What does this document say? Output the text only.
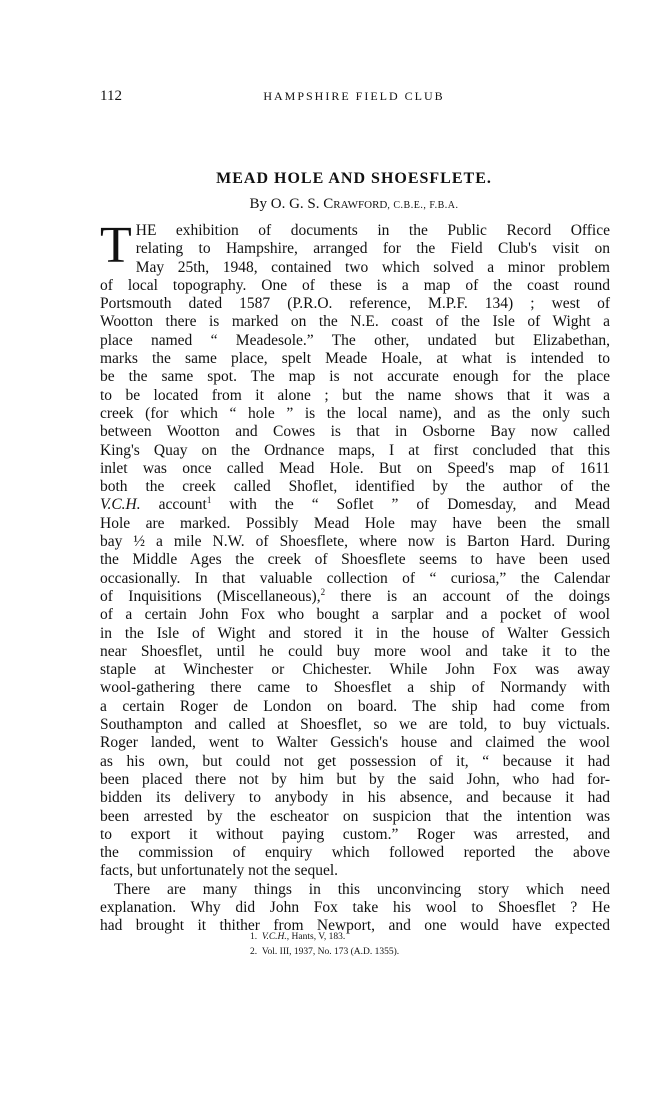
112	HAMPSHIRE FIELD CLUB
MEAD HOLE AND SHOESFLETE.
By O. G. S. Crawford, C.B.E., F.B.A.
T HE exhibition of documents in the Public Record Office
relating to Hampshire, arranged for the Field Club's visit on
May 25th, 1948, contained two which solved a minor problem
of local topography. One of these is a map of the coast round
Portsmouth dated 1587 (P.R.O. reference, M.P.F. 134) ; west of
Wootton there is marked on the N.E. coast of the Isle of Wight a
place named “ Meadesole.” The other, undated but Elizabethan,
marks the same place, spelt Meade Hoale, at what is intended to
be the same spot. The map is not accurate enough for the place
to be located from it alone ; but the name shows that it was a
creek (for which “ hole ” is the local name), and as the only such
between Wootton and Cowes is that in Osborne Bay now called
King's Quay on the Ordnance maps, I at first concluded that this
inlet was once called Mead Hole. But on Speed's map of 1611
both the creek called Shoflet, identified by the author of the
V.C.H. account$^1$ with the “ Soflet ” of Domesday, and Mead
Hole are marked. Possibly Mead Hole may have been the small
bay ½ a mile N.W. of Shoesflete, where now is Barton Hard. During
the Middle Ages the creek of Shoesflete seems to have been used
occasionally. In that valuable collection of “ curiosa,” the Calendar
of Inquisitions (Miscellaneous),$^2$ there is an account of the doings
of a certain John Fox who bought a sarplar and a pocket of wool
in the Isle of Wight and stored it in the house of Walter Gessich
near Shoesflet, until he could buy more wool and take it to the
staple at Winchester or Chichester. While John Fox was away
wool-gathering there came to Shoesflet a ship of Normandy with
a certain Roger de London on board. The ship had come from
Southampton and called at Shoesflet, so we are told, to buy victuals.
Roger landed, went to Walter Gessich's house and claimed the wool
as his own, but could not get possession of it, “ because it had
been placed there not by him but by the said John, who had for-
bidden its delivery to anybody in his absence, and because it had
been arrested by the escheator on suspicion that the intention was
to export it without paying custom.” Roger was arrested, and
the commission of enquiry which followed reported the above
facts, but unfortunately not the sequel.
There are many things in this unconvincing story which need
explanation. Why did John Fox take his wool to Shoesflet ? He
had brought it thither from Newport, and one would have expected
1. V.C.H., Hants, V, 183.
2. Vol. III, 1937, No. 173 (A.D. 1355).
